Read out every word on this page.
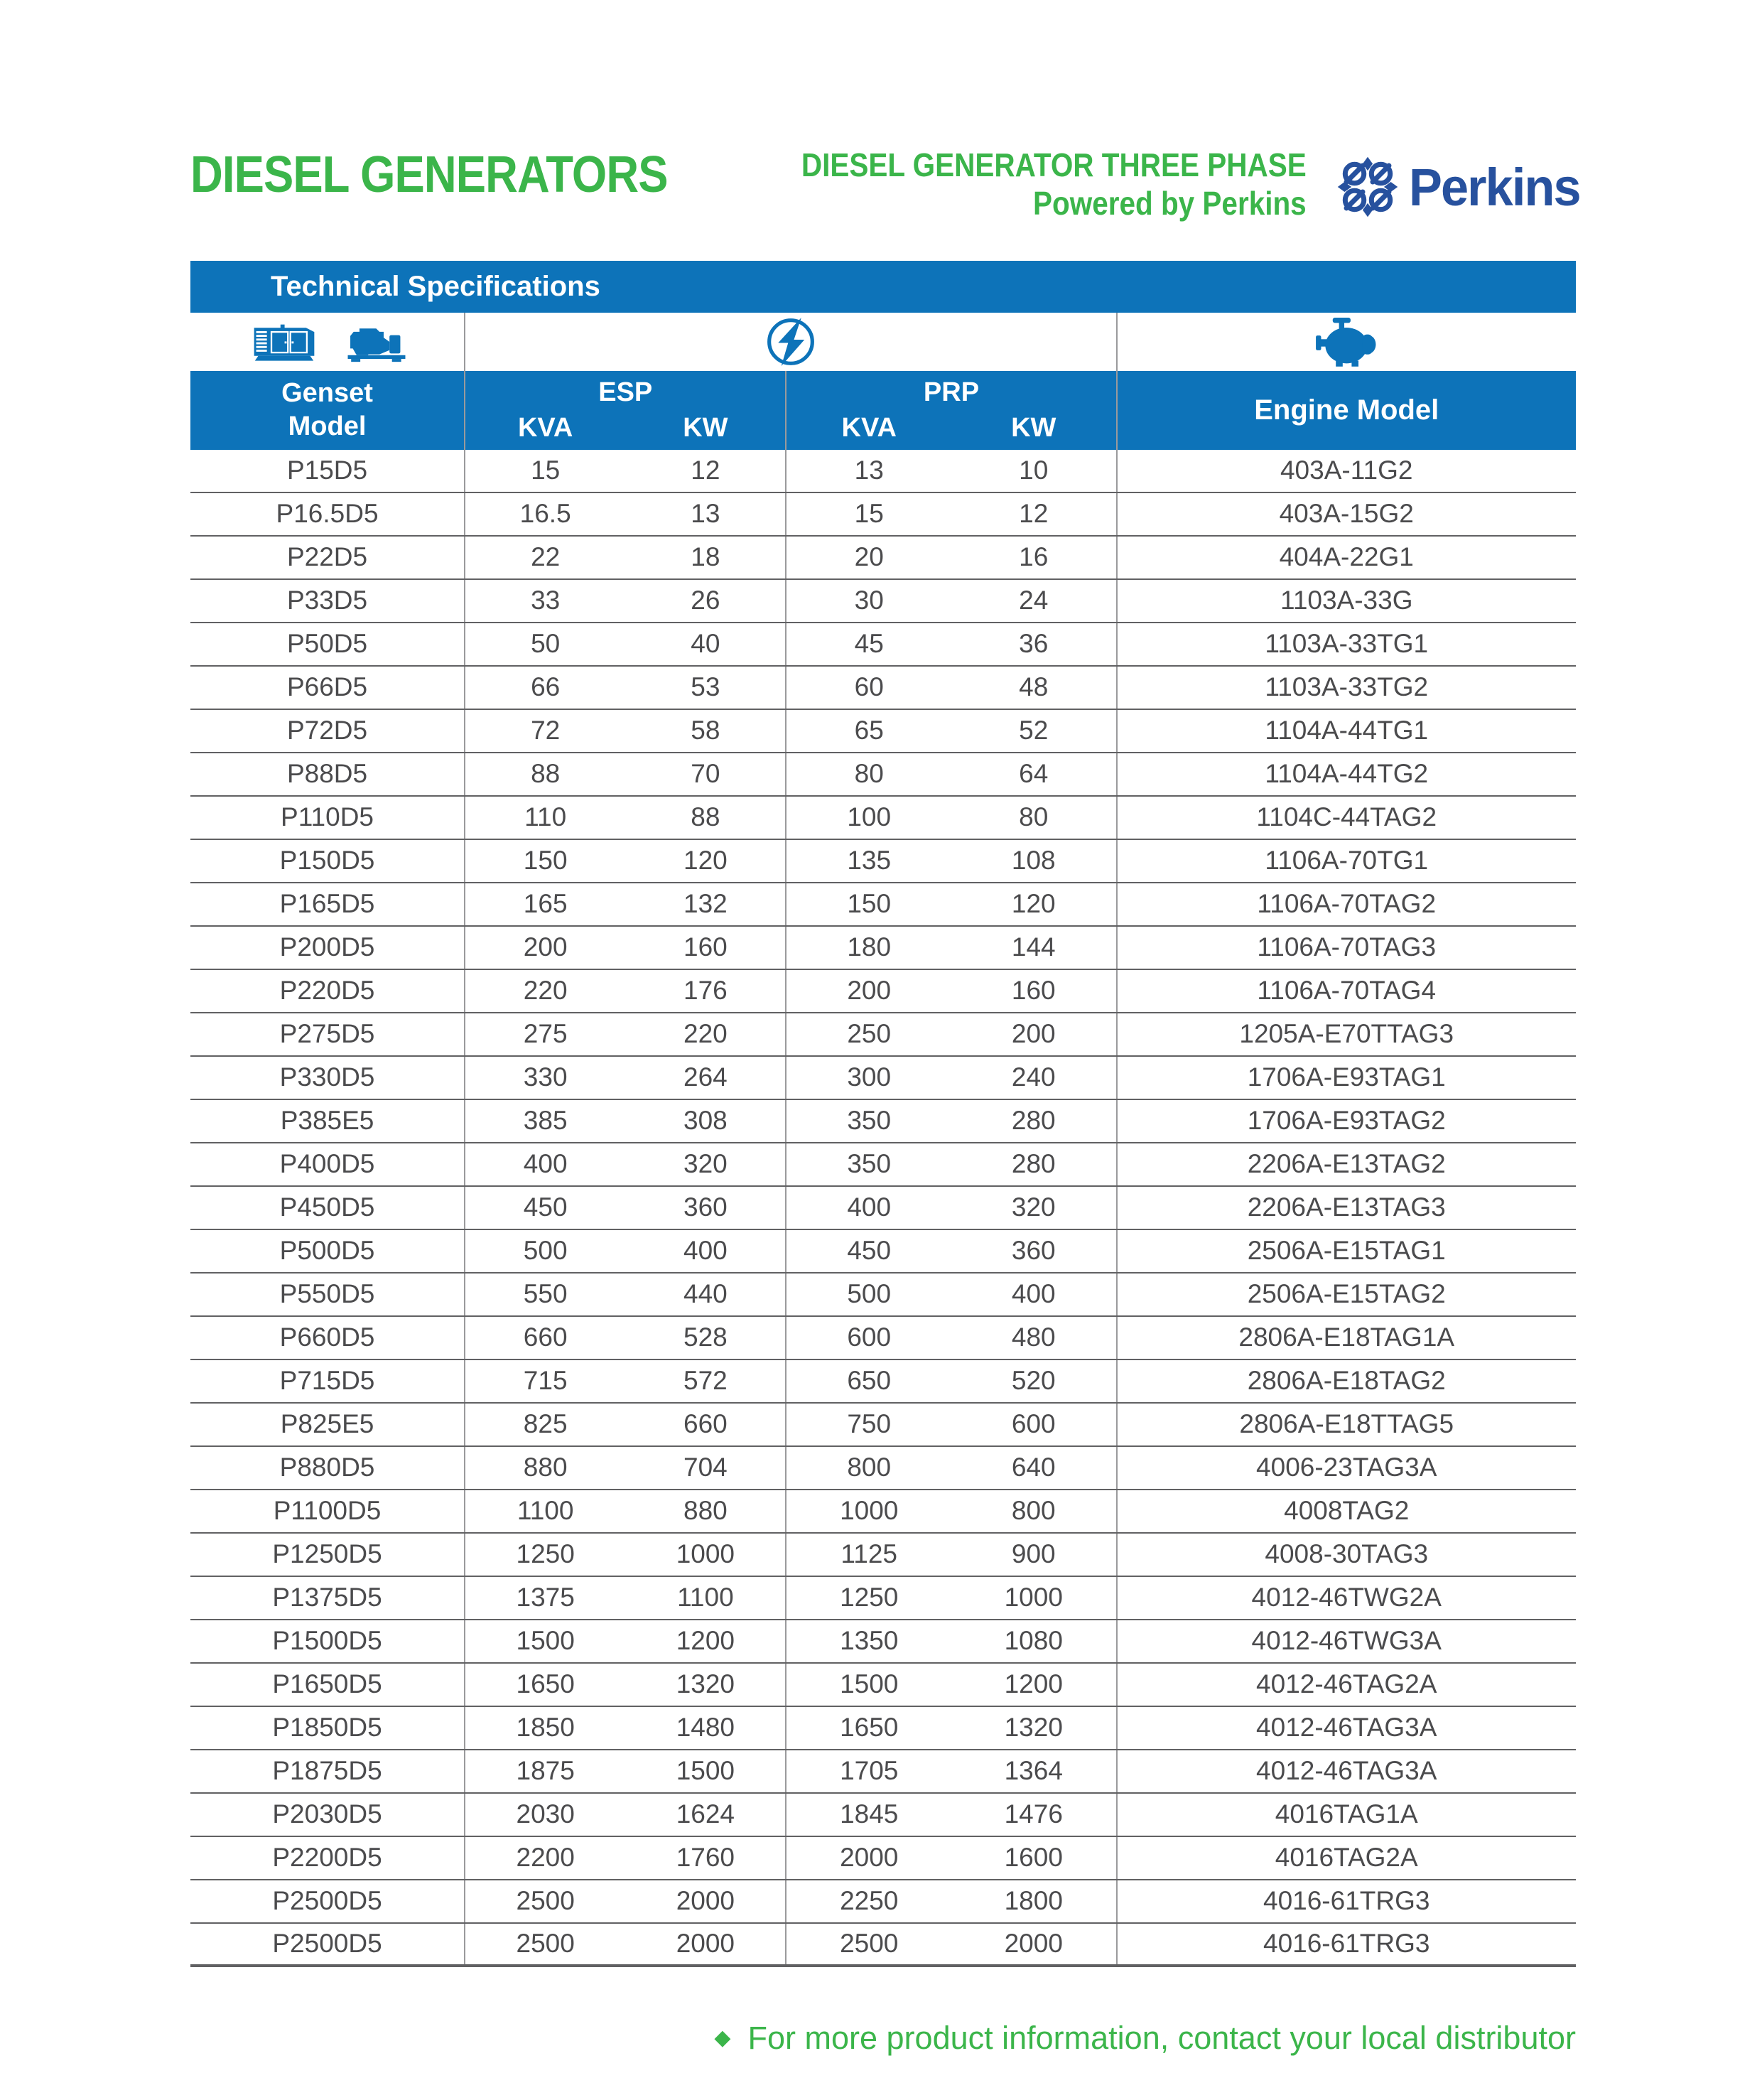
DIESEL GENERATORS	DIESEL GENERATOR THREE PHASE
Powered by Perkins Perkins
Technical Specifications
Genset
Model
ESP
KVA	KW
PRP
KVA	KW
Engine Model
P15D5	15	12	13	10	403A-11G2
P16.5D5	16.5	13	15	12	403A-15G2
P22D5	22	18	20	16	404A-22G1
P33D5	33	26	30	24	1103A-33G
P50D5	50	40	45	36	1103A-33TG1
P66D5	66	53	60	48	1103A-33TG2
P72D5	72	58	65	52	1104A-44TG1
P88D5	88	70	80	64	1104A-44TG2
P110D5	110	88	100	80	1104C-44TAG2
P150D5	150	120	135	108	1106A-70TG1
P165D5	165	132	150	120	1106A-70TAG2
P200D5	200	160	180	144	1106A-70TAG3
P220D5	220	176	200	160	1106A-70TAG4
P275D5	275	220	250	200	1205A-E70TTAG3
P330D5	330	264	300	240	1706A-E93TAG1
P385E5	385	308	350	280	1706A-E93TAG2
P400D5	400	320	350	280	2206A-E13TAG2
P450D5	450	360	400	320	2206A-E13TAG3
P500D5	500	400	450	360	2506A-E15TAG1
P550D5	550	440	500	400	2506A-E15TAG2
P660D5	660	528	600	480	2806A-E18TAG1A
P715D5	715	572	650	520	2806A-E18TAG2
P825E5	825	660	750	600	2806A-E18TTAG5
P880D5	880	704	800	640	4006-23TAG3A
P1100D5	1100	880	1000	800	4008TAG2
P1250D5	1250	1000	1125	900	4008-30TAG3
P1375D5	1375	1100	1250	1000	4012-46TWG2A
P1500D5	1500	1200	1350	1080	4012-46TWG3A
P1650D5	1650	1320	1500	1200	4012-46TAG2A
P1850D5	1850	1480	1650	1320	4012-46TAG3A
P1875D5	1875	1500	1705	1364	4012-46TAG3A
P2030D5	2030	1624	1845	1476	4016TAG1A
P2200D5	2200	1760	2000	1600	4016TAG2A
P2500D5	2500	2000	2250	1800	4016-61TRG3
P2500D5	2500	2000	2500	2000	4016-61TRG3
◆ For more product information, contact your local distributor
